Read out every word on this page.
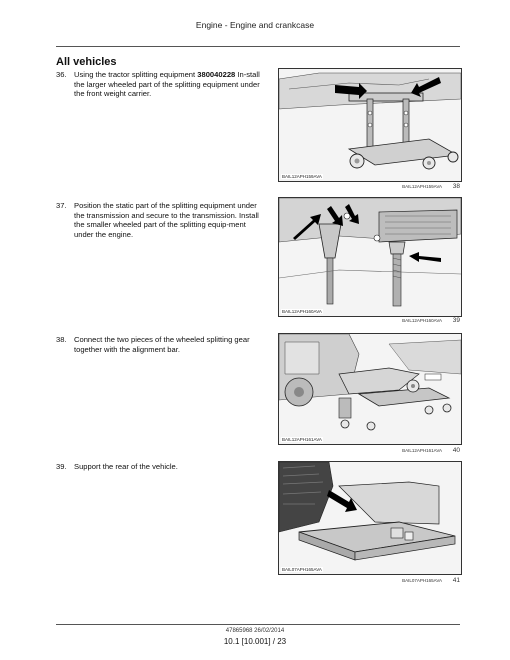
Engine - Engine and crankcase
All vehicles
36. Using the tractor splitting equipment 380040228 In-stall the larger wheeled part of the splitting equipment under the front weight carrier.
37. Position the static part of the splitting equipment under the transmission and secure to the transmission. Install the smaller wheeled part of the splitting equip-ment under the engine.
38. Connect the two pieces of the wheeled splitting gear together with the alignment bar.
39. Support the rear of the vehicle.
BAIL12APH159AVA
BAIL12APH159AVA 38
BAIL12APH160AVA
BAIL12APH160AVA 39
BAIL12APH161AVA
BAIL12APH161AVA 40
BAIL07APH165AVA
BAIL07APH165AVA 41
47865968 26/02/2014
10.1 [10.001] / 23
